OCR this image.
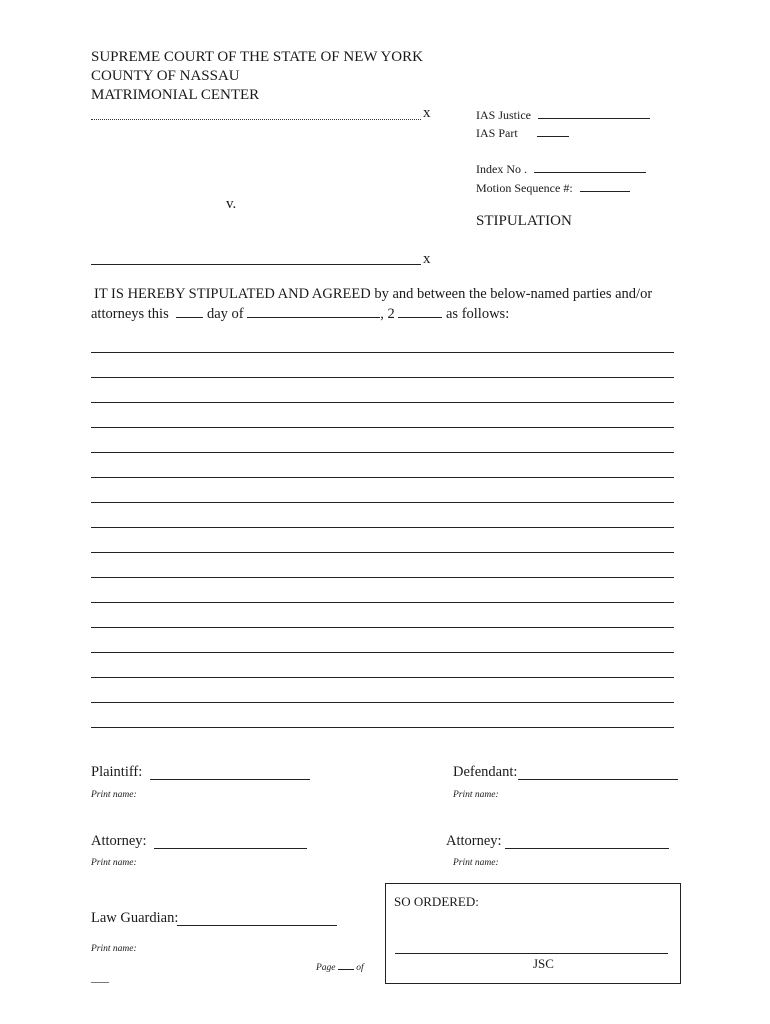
SUPREME COURT OF THE STATE OF NEW YORK
COUNTY OF NASSAU
MATRIMONIAL CENTER
x
v.
x
IAS Justice
IAS Part
Index No .
Motion Sequence #:
STIPULATION
IT IS HEREBY STIPULATED AND AGREED by and between the below-named parties and/or
attorneys this	day of	, 2	as follows:
Plaintiff:
Print name:
Defendant:
Print name:
Attorney:
Print name:
Attorney:
Print name:
Law Guardian:
Print name:
Page of
___
SO ORDERED:
JSC
